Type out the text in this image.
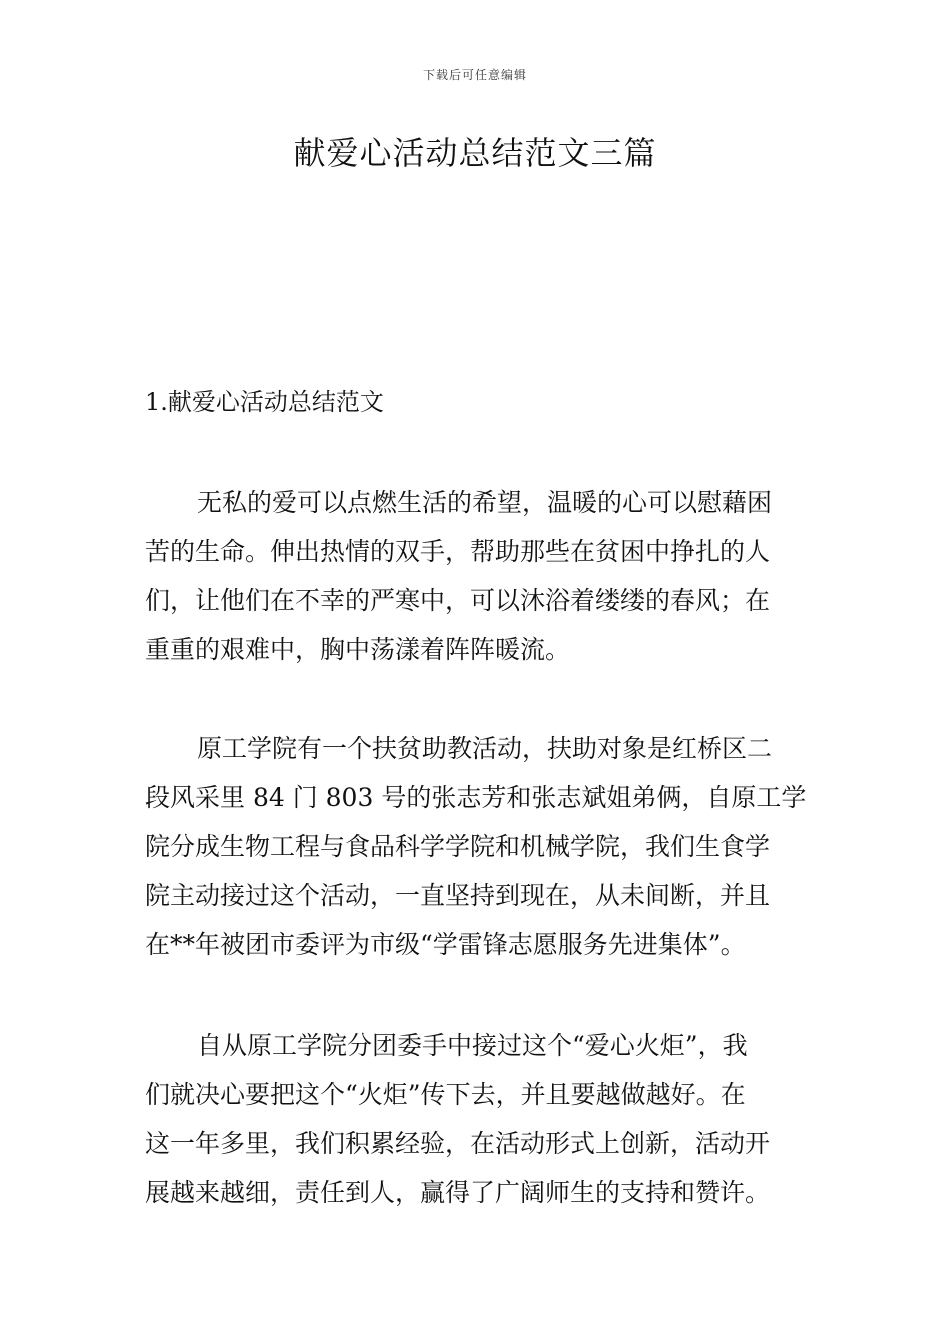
下载后可任意编辑
献爱心活动总结范文三篇
1.献爱心活动总结范文
无私的爱可以点燃生活的希望，温暖的心可以慰藉困
苦的生命。伸出热情的双手，帮助那些在贫困中挣扎的人
们，让他们在不幸的严寒中，可以沐浴着缕缕的春风；在
重重的艰难中，胸中荡漾着阵阵暖流。
原工学院有一个扶贫助教活动，扶助对象是红桥区二
段风采里 84 门 803 号的张志芳和张志斌姐弟俩，自原工学
院分成生物工程与食品科学学院和机械学院，我们生食学
院主动接过这个活动，一直坚持到现在，从未间断，并且
在**年被团市委评为市级“学雷锋志愿服务先进集体”。
自从原工学院分团委手中接过这个“爱心火炬”，我
们就决心要把这个“火炬”传下去，并且要越做越好。在
这一年多里，我们积累经验，在活动形式上创新，活动开
展越来越细，责任到人，赢得了广阔师生的支持和赞许。
